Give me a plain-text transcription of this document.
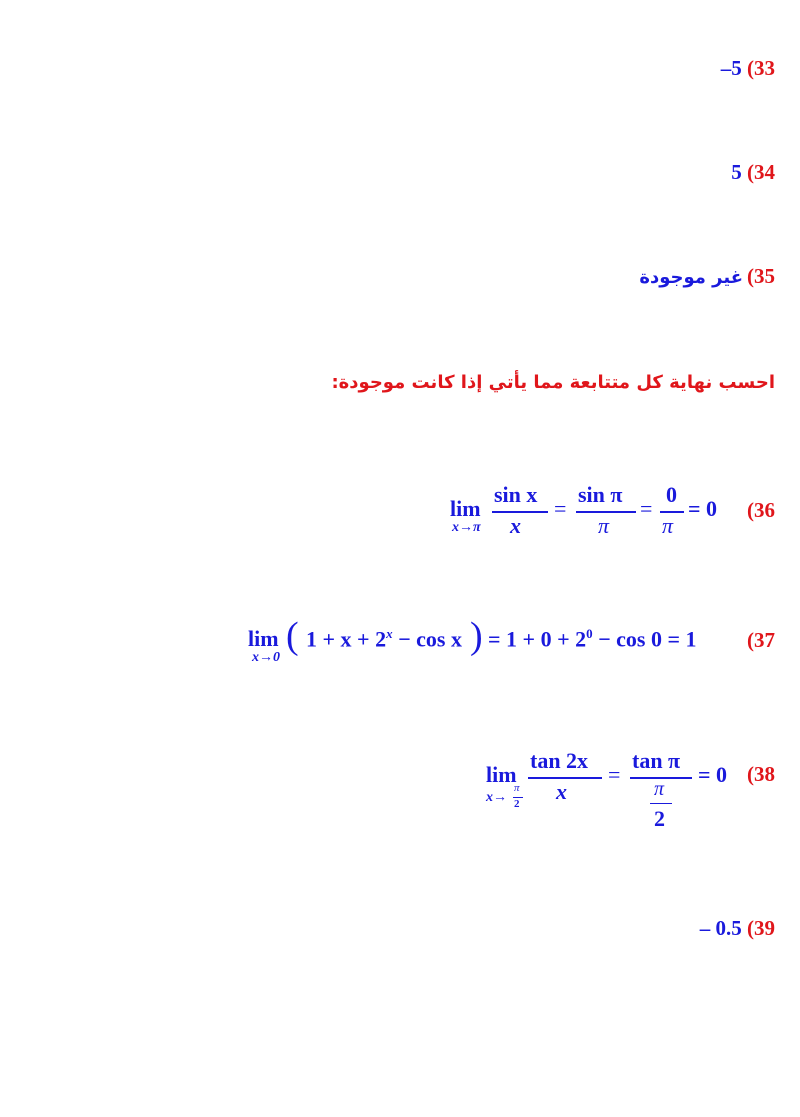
–5 (33
5 (34
35) غير موجودة
احسب نهاية كل متتابعة مما يأتي إذا كانت موجودة:
(36
lim
x→π
sin x
x
=
sin π
π
=
0
π
= 0
(37
lim
x→0
( $1 + x + 2^x - \cos x$ ) = $1 + 0 + 2^0 - \cos 0 = 1$
(38
lim
x→
π
2
tan 2x
x
=
tan π
π
2
= 0
– 0.5 (39
